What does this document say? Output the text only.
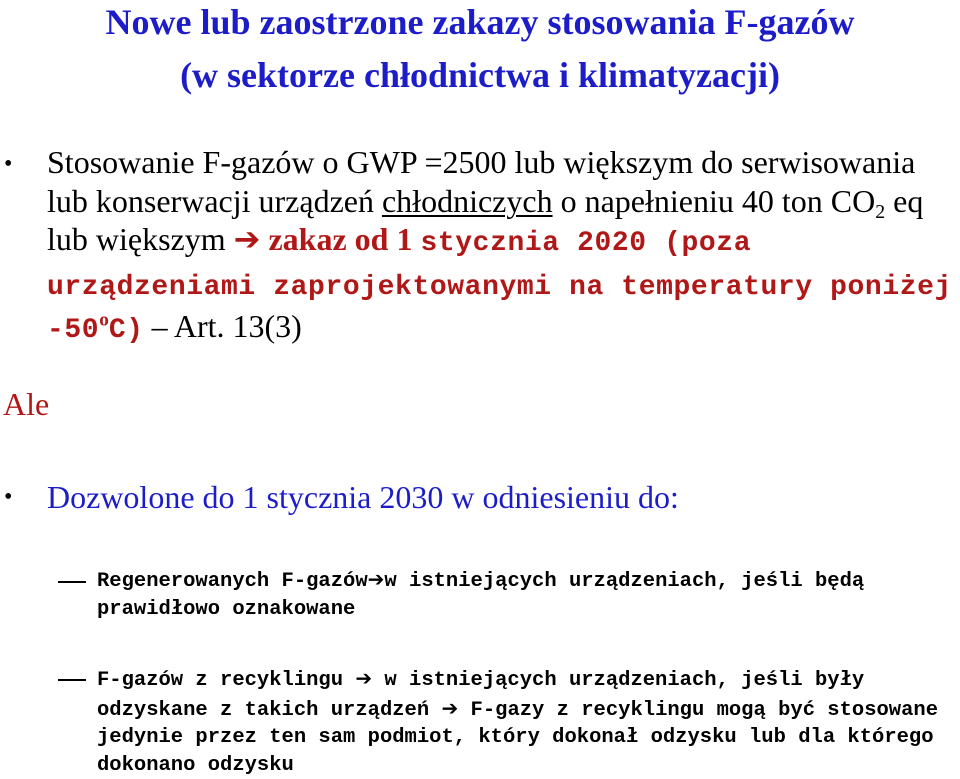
Nowe lub zaostrzone zakazy stosowania F-gazów
(w sektorze chłodnictwa i klimatyzacji)
• Stosowanie F-gazów o GWP =2500 lub większym do serwisowania lub konserwacji urządzeń chłodniczych o napełnieniu 40 ton $CO_2$ eq lub większym ➔ zakaz od 1 stycznia 2020 (poza urządzeniami zaprojektowanymi na temperatury poniżej -50$^o$C) – Art. 13(3)
Ale
• Dozwolone do 1 stycznia 2030 w odniesieniu do:
Regenerowanych F-gazów➔w istniejących urządzeniach, jeśli będą prawidłowo oznakowane
F-gazów z recyklingu ➔ w istniejących urządzeniach, jeśli były odzyskane z takich urządzeń ➔ F-gazy z recyklingu mogą być stosowane jedynie przez ten sam podmiot, który dokonał odzysku lub dla którego dokonano odzysku
